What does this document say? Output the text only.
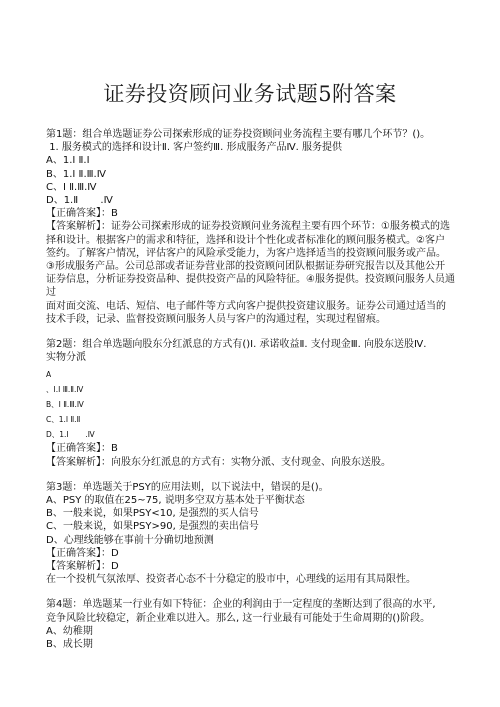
证券投资顾问业务试题5附答案
第1题：组合单选题证券公司探索形成的证券投资顾问业务流程主要有哪几个环节？()。
1. 服务模式的选择和设计Ⅱ. 客户签约Ⅲ. 形成服务产品Ⅳ. 服务提供
A、1.Ⅰ Ⅱ.Ⅰ
B、1.Ⅰ Ⅱ.Ⅲ.Ⅳ
C、Ⅰ Ⅱ.Ⅲ.Ⅳ
D、1.Ⅱ       .Ⅳ
【正确答案】：B
【答案解析】：证券公司探索形成的证券投资顾问业务流程主要有四个环节：①服务模式的选
择和设计。根据客户的需求和特征，选择和设计个性化或者标准化的顾问服务模式。②客户
签约。了解客户情况，评估客户的风险承受能力，为客户选择适当的投资顾问服务或产品。
③形成服务产品。公司总部或者证券营业部的投资顾问团队根据证券研究报告以及其他公开
证券信息，分析证券投资品种、提供投资产品的风险特征。④服务提供。投资顾问服务人员通过
面对面交流、电话、短信、电子邮件等方式向客户提供投资建议服务。证券公司通过适当的
技术手段，记录、监督投资顾问服务人员与客户的沟通过程，实现过程留痕。
第2题：组合单选题向股东分红派息的方式有()Ⅰ. 承诺收益Ⅱ. 支付现金Ⅲ. 向股东送股Ⅳ.
实物分派
A
、Ⅰ.Ⅰ Ⅲ.Ⅱ.Ⅳ
B、Ⅰ Ⅱ.Ⅲ.Ⅳ
C、1.Ⅰ Ⅱ.Ⅱ
D、1.Ⅰ       .Ⅳ
【正确答案】：B
【答案解析】：向股东分红派息的方式有：实物分派、支付现金、向股东送股。
第3题：单选题关于PSY的应用法则，以下说法中，错误的是()。
A、PSY 的取值在25~75, 说明多空双方基本处于平衡状态
B、一般来说，如果PSY<10, 是强烈的买人信号
C、一般来说，如果PSY>90, 是强烈的卖出信号
D、心理线能够在事前十分确切地预测
【正确答案】：D
【答案解析】：D
在一个投机气氛浓厚、投资者心态不十分稳定的股市中，心理线的运用有其局限性。
第4题：单选题某一行业有如下特征：企业的利润由于一定程度的垄断达到了很高的水平,
竞争风险比较稳定，新企业难以进入。那么, 这一行业最有可能处于生命周期的()阶段。
A、幼稚期
B、成长期
